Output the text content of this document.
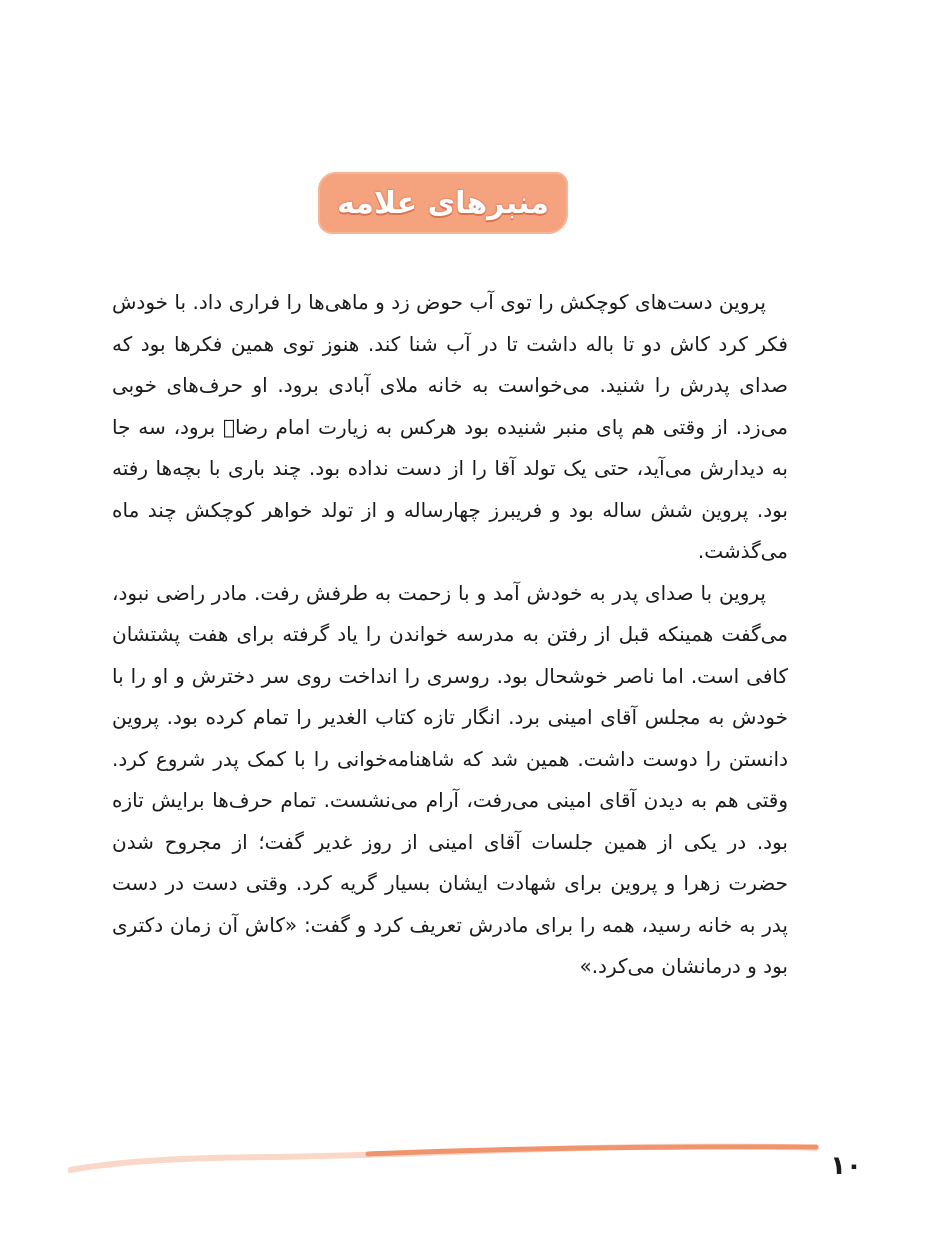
منبرهای علامه

پروین دست‌های کوچکش را توی آب حوض زد و ماهی‌ها را فراری داد. با خودش فکر کرد کاش دو تا باله داشت تا در آب شنا کند. هنوز توی همین فکرها بود که صدای پدرش را شنید. می‌خواست به خانه ملای آبادی برود. او حرف‌های خوبی می‌زد. از وقتی هم پای منبر شنیده بود هرکس به زیارت امام رضا﷣ برود، سه جا به دیدارش می‌آید، حتی یک تولد آقا را از دست نداده بود. چند باری با بچه‌ها رفته بود. پروین شش ساله بود و فریبرز چهارساله و از تولد خواهر کوچکش چند ماه می‌گذشت.

پروین با صدای پدر به خودش آمد و با زحمت به طرفش رفت. مادر راضی نبود، می‌گفت همینکه قبل از رفتن به مدرسه خواندن را یاد گرفته برای هفت پشتشان کافی است. اما ناصر خوشحال بود. روسری را انداخت روی سر دخترش و او را با خودش به مجلس آقای امینی برد. انگار تازه کتاب الغدیر را تمام کرده بود. پروین دانستن را دوست داشت. همین شد که شاهنامه‌خوانی را با کمک پدر شروع کرد. وقتی هم به دیدن آقای امینی می‌رفت، آرام می‌نشست. تمام حرف‌ها برایش تازه بود. در یکی از همین جلسات آقای امینی از روز غدیر گفت؛ از مجروح شدن حضرت زهرا و پروین برای شهادت ایشان بسیار گریه کرد. وقتی دست در دست پدر به خانه رسید، همه را برای مادرش تعریف کرد و گفت: «کاش آن زمان دکتری بود و درمانشان می‌کرد.»

۱۰
